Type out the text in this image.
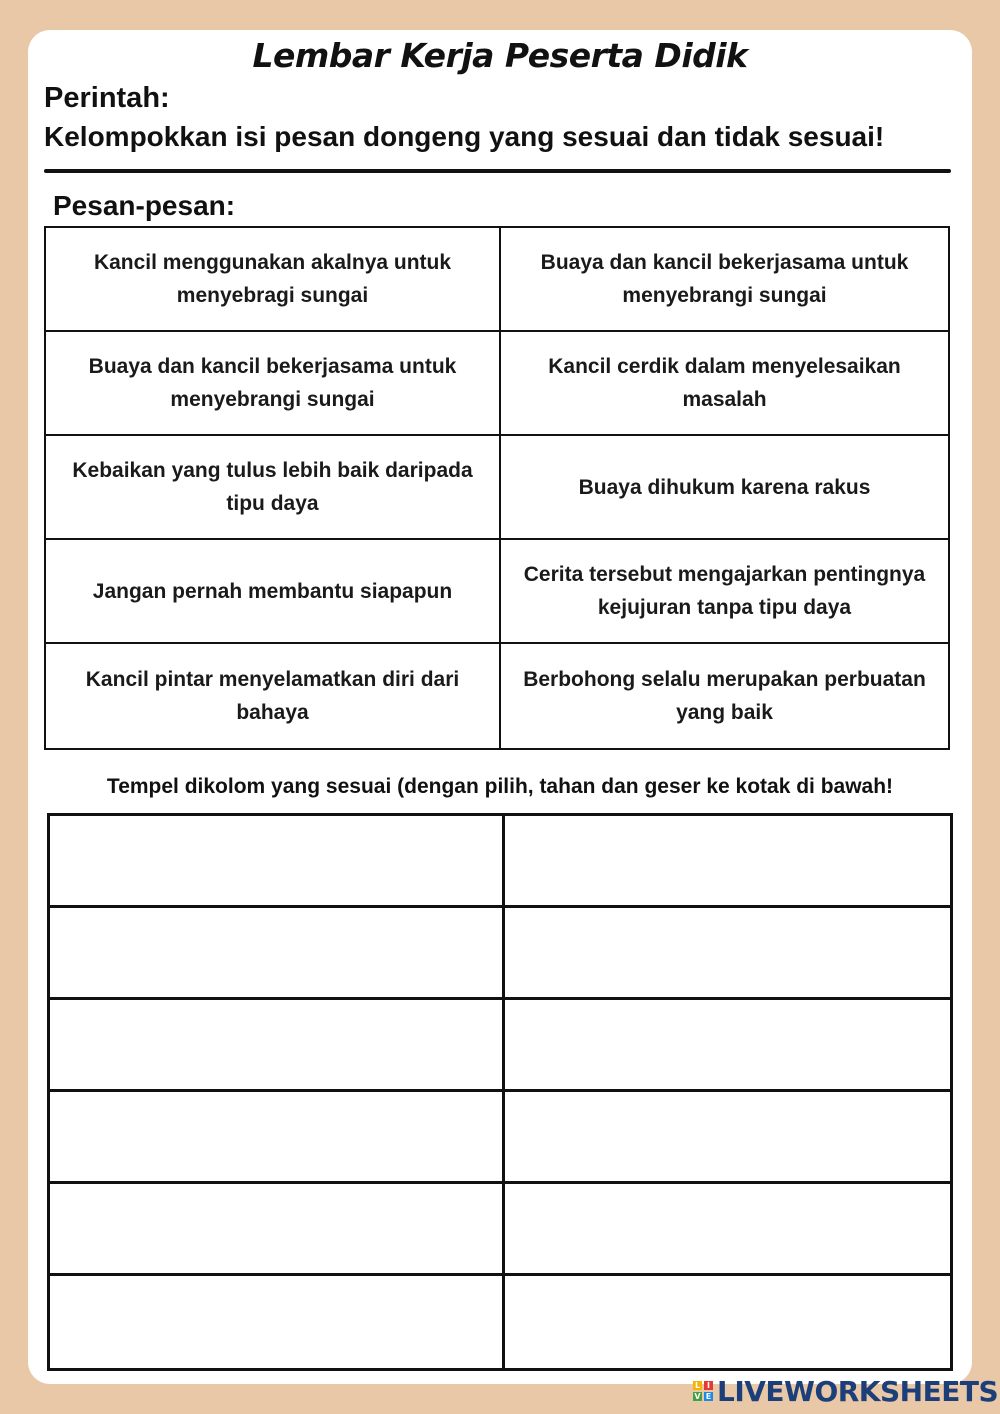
Lembar Kerja Peserta Didik
Perintah:
Kelompokkan isi pesan dongeng yang sesuai dan tidak sesuai!
Pesan-pesan:
Kancil menggunakan akalnya untuk menyebragi sungai
Buaya dan kancil bekerjasama untuk menyebrangi sungai
Buaya dan kancil bekerjasama untuk menyebrangi sungai
Kancil cerdik dalam menyelesaikan masalah
Kebaikan yang tulus lebih baik daripada tipu daya
Buaya dihukum karena rakus
Jangan pernah membantu siapapun
Cerita tersebut mengajarkan pentingnya kejujuran tanpa tipu daya
Kancil pintar menyelamatkan diri dari bahaya
Berbohong selalu merupakan perbuatan yang baik
Tempel dikolom yang sesuai (dengan pilih, tahan dan geser ke kotak di bawah!
L I
V E LIVEWORKSHEETS
